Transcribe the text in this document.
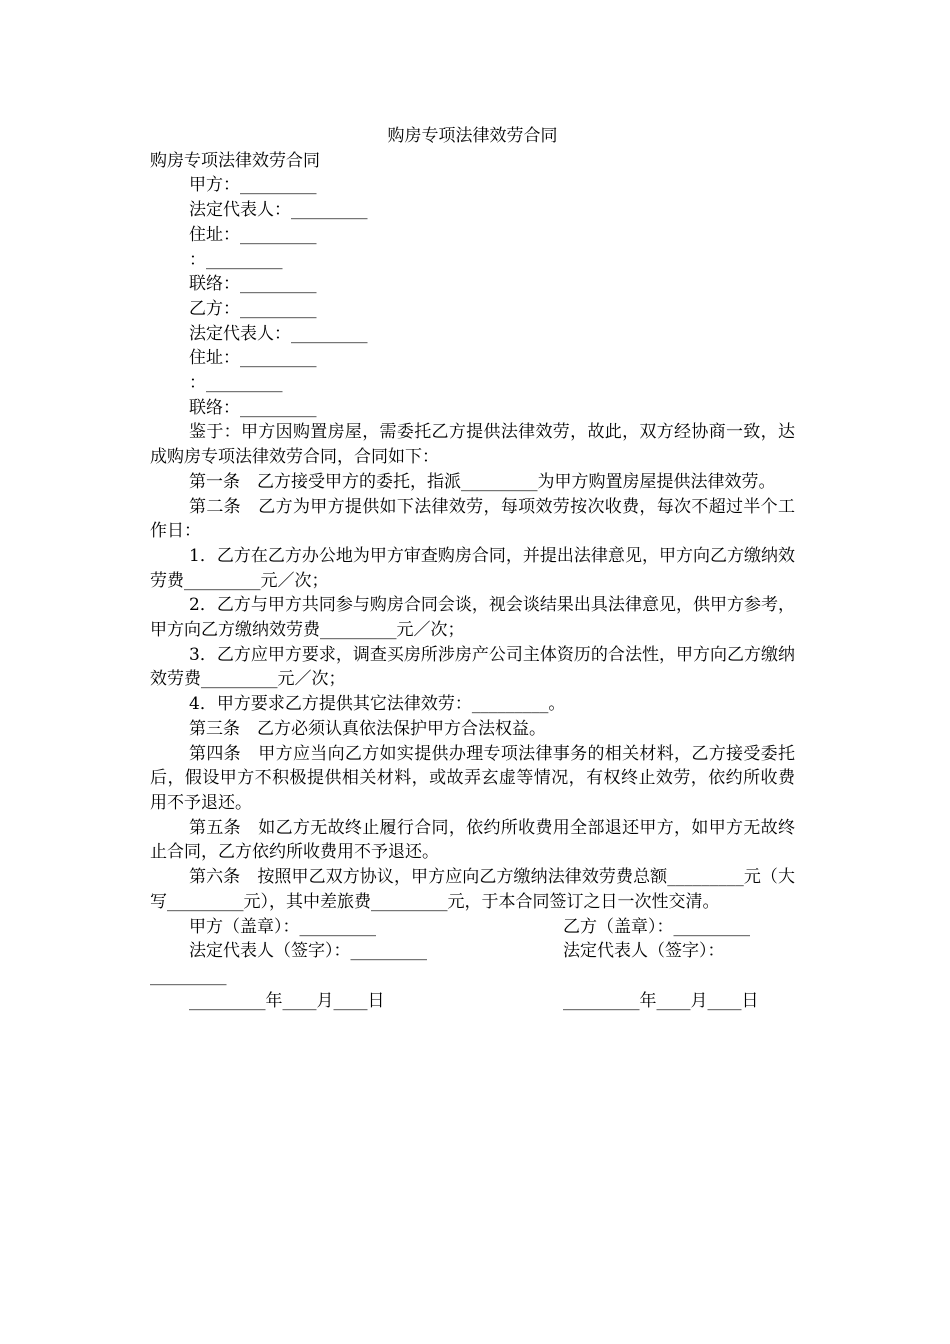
购房专项法律效劳合同

购房专项法律效劳合同

甲方：_________

法定代表人：_________

住址：_________

：_________

联络：_________

乙方：_________

法定代表人：_________

住址：_________

：_________

联络：_________

鉴于：甲方因购置房屋，需委托乙方提供法律效劳，故此，双方经协商一致，达成购房专项法律效劳合同，合同如下：

第一条　乙方接受甲方的委托，指派_________为甲方购置房屋提供法律效劳。

第二条　乙方为甲方提供如下法律效劳，每项效劳按次收费，每次不超过半个工作日：

1．乙方在乙方办公地为甲方审查购房合同，并提出法律意见，甲方向乙方缴纳效劳费_________元／次；

2．乙方与甲方共同参与购房合同会谈，视会谈结果出具法律意见，供甲方参考，甲方向乙方缴纳效劳费_________元／次；

3．乙方应甲方要求，调查买房所涉房产公司主体资历的合法性，甲方向乙方缴纳效劳费_________元／次；

4．甲方要求乙方提供其它法律效劳：_________。

第三条　乙方必须认真依法保护甲方合法权益。

第四条　甲方应当向乙方如实提供办理专项法律事务的相关材料，乙方接受委托后，假设甲方不积极提供相关材料，或故弄玄虚等情况，有权终止效劳，依约所收费用不予退还。

第五条　如乙方无故终止履行合同，依约所收费用全部退还甲方，如甲方无故终止合同，乙方依约所收费用不予退还。

第六条　按照甲乙双方协议，甲方应向乙方缴纳法律效劳费总额_________元（大写_________元），其中差旅费_________元，于本合同签订之日一次性交清。

甲方（盖章）：_________	乙方（盖章）：_________
法定代表人（签字）：_________	法定代表人（签字）：

_________

_________年____月____日	_________年____月____日
